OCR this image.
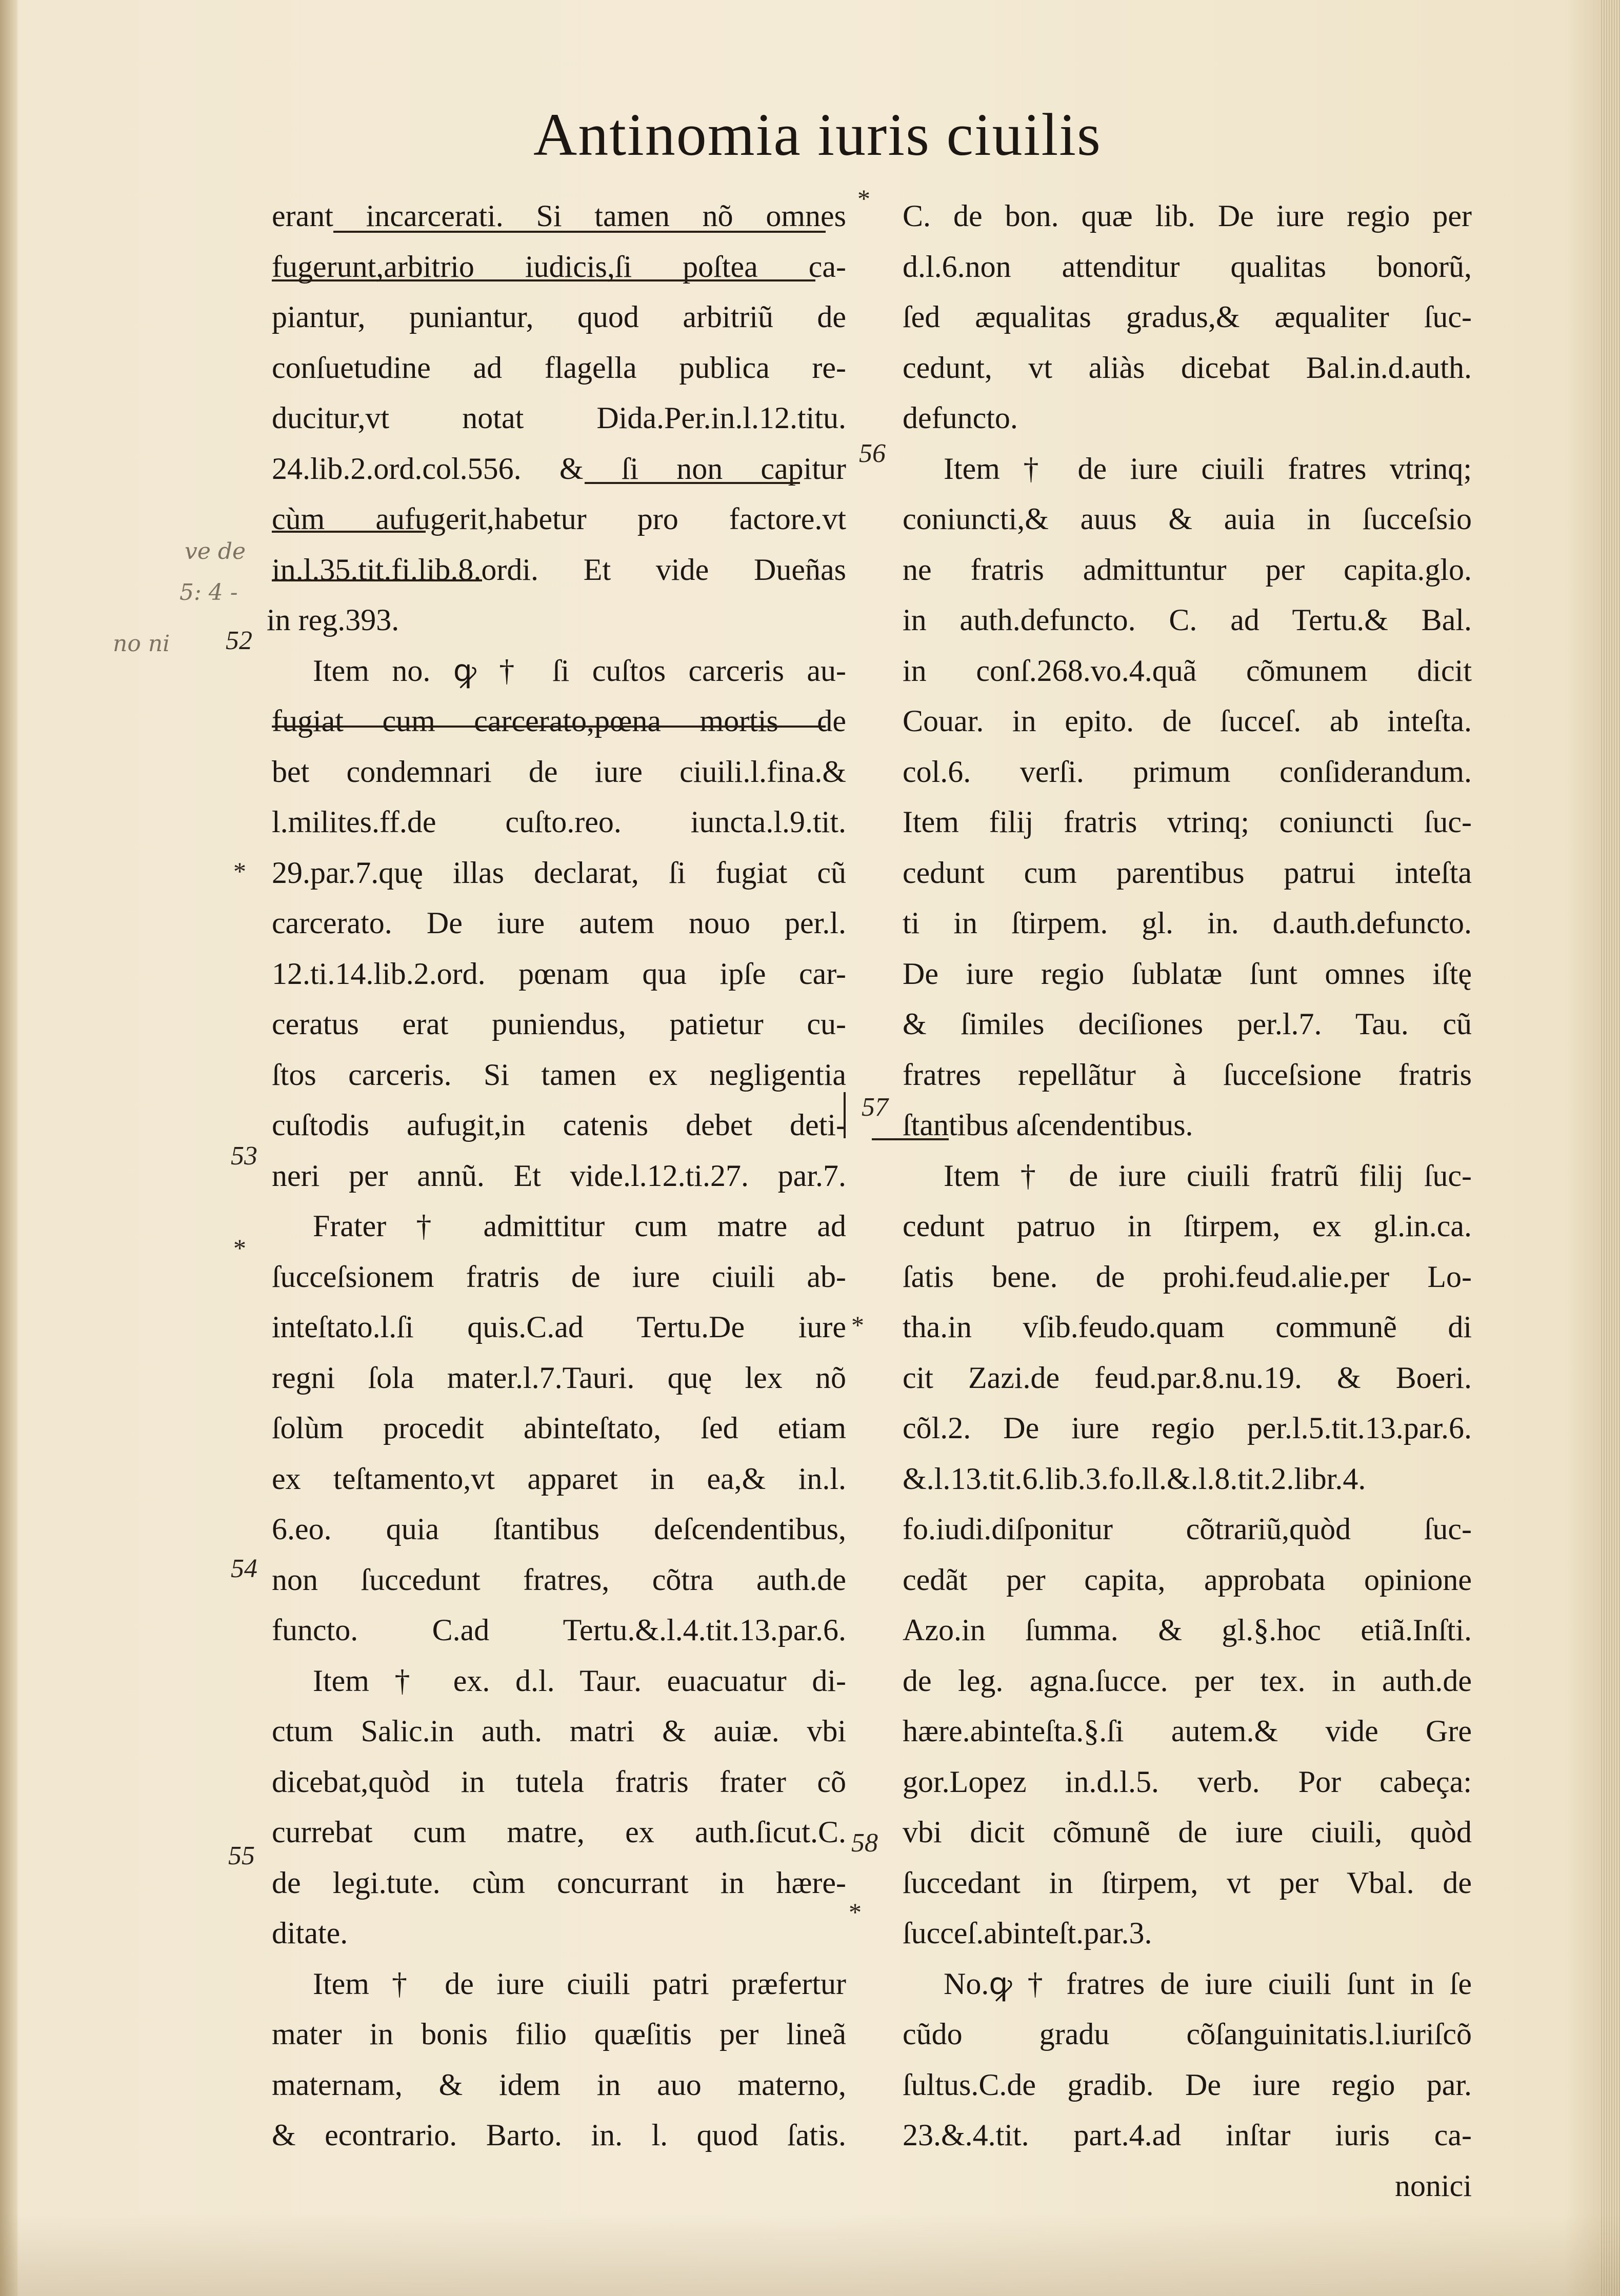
Antinomia iuris ciuilis
erant incarcerati. Si tamen nõ omnes
fugerunt,arbitrio iudicis,ſi poſtea ca-
piantur, puniantur, quod arbitriũ de
conſuetudine ad flagella publica re-
ducitur,vt notat Dida.Per.in.l.12.titu.
24.lib.2.ord.col.556. & ſi non capitur
cùm aufugerit,habetur pro factore.vt
in.l.35.tit.fi.lib.8.ordi. Et vide Dueñas
in reg.393.
Item no. ꝙ † ſi cuſtos carceris au-
fugiat cum carcerato,pœna mortis de
bet condemnari de iure ciuili.l.fina.&
l.milites.ff.de cuſto.reo. iuncta.l.9.tit.
29.par.7.quę illas declarat, ſi fugiat cũ
carcerato. De iure autem nouo per.l.
12.ti.14.lib.2.ord. pœnam qua ipſe car-
ceratus erat puniendus, patietur cu-
ſtos carceris. Si tamen ex negligentia
cuſtodis aufugit,in catenis debet deti-
neri per annũ. Et vide.l.12.ti.27. par.7.
Frater † admittitur cum matre ad
ſucceſsionem fratris de iure ciuili ab-
inteſtato.l.ſi quis.C.ad Tertu.De iure
regni ſola mater.l.7.Tauri. quę lex nõ
ſolùm procedit abinteſtato, ſed etiam
ex teſtamento,vt apparet in ea,& in.l.
6.eo. quia ſtantibus deſcendentibus,
non ſuccedunt fratres, cõtra auth.de
functo. C.ad Tertu.&.l.4.tit.13.par.6.
Item † ex. d.l. Taur. euacuatur di-
ctum Salic.in auth. matri & auiæ. vbi
dicebat,quòd in tutela fratris frater cõ
currebat cum matre, ex auth.ſicut.C.
de legi.tute. cùm concurrant in hære-
ditate.
Item † de iure ciuili patri præfertur
mater in bonis filio quæſitis per lineã
maternam, & idem in auo materno,
& econtrario. Barto. in. l. quod ſatis.
C. de bon. quæ lib. De iure regio per
d.l.6.non attenditur qualitas bonorũ,
ſed æqualitas gradus,& æqualiter ſuc-
cedunt, vt aliàs dicebat Bal.in.d.auth.
defuncto.
Item † de iure ciuili fratres vtrinq;
coniuncti,& auus & auia in ſucceſsio
ne fratris admittuntur per capita.glo.
in auth.defuncto. C. ad Tertu.& Bal.
in conſ.268.vo.4.quã cõmunem dicit
Couar. in epito. de ſucceſ. ab inteſta.
col.6. verſi. primum conſiderandum.
Item filij fratris vtrinq; coniuncti ſuc-
cedunt cum parentibus patrui inteſta
ti in ſtirpem. gl. in. d.auth.defuncto.
De iure regio ſublatæ ſunt omnes iſtę
& ſimiles deciſiones per.l.7. Tau. cũ
fratres repellãtur à ſucceſsione fratris
ſtantibus aſcendentibus.
Item † de iure ciuili fratrũ filij ſuc-
cedunt patruo in ſtirpem, ex gl.in.ca.
ſatis bene. de prohi.feud.alie.per Lo-
tha.in vſib.feudo.quam communẽ di
cit Zazi.de feud.par.8.nu.19. & Boeri.
cõl.2. De iure regio per.l.5.tit.13.par.6.
&.l.13.tit.6.lib.3.fo.ll.&.l.8.tit.2.libr.4.
fo.iudi.diſponitur cõtrariũ,quòd ſuc-
cedãt per capita, approbata opinione
Azo.in ſumma. & gl.§.hoc etiã.Inſti.
de leg. agna.ſucce. per tex. in auth.de
hære.abinteſta.§.ſi autem.& vide Gre
gor.Lopez in.d.l.5. verb. Por cabeça:
vbi dicit cõmunẽ de iure ciuili, quòd
ſuccedant in ſtirpem, vt per Vbal. de
ſucceſ.abinteſt.par.3.
No.ꝙ † fratres de iure ciuili ſunt in ſe
cũdo gradu cõſanguinitatis.l.iuriſcõ
ſultus.C.de gradib. De iure regio par.
23.&.4.tit. part.4.ad inſtar iuris ca-
nonici
52
53
54
55
56
57
58
*
*
*
*
*
ve de
5: 4 -
no ni
